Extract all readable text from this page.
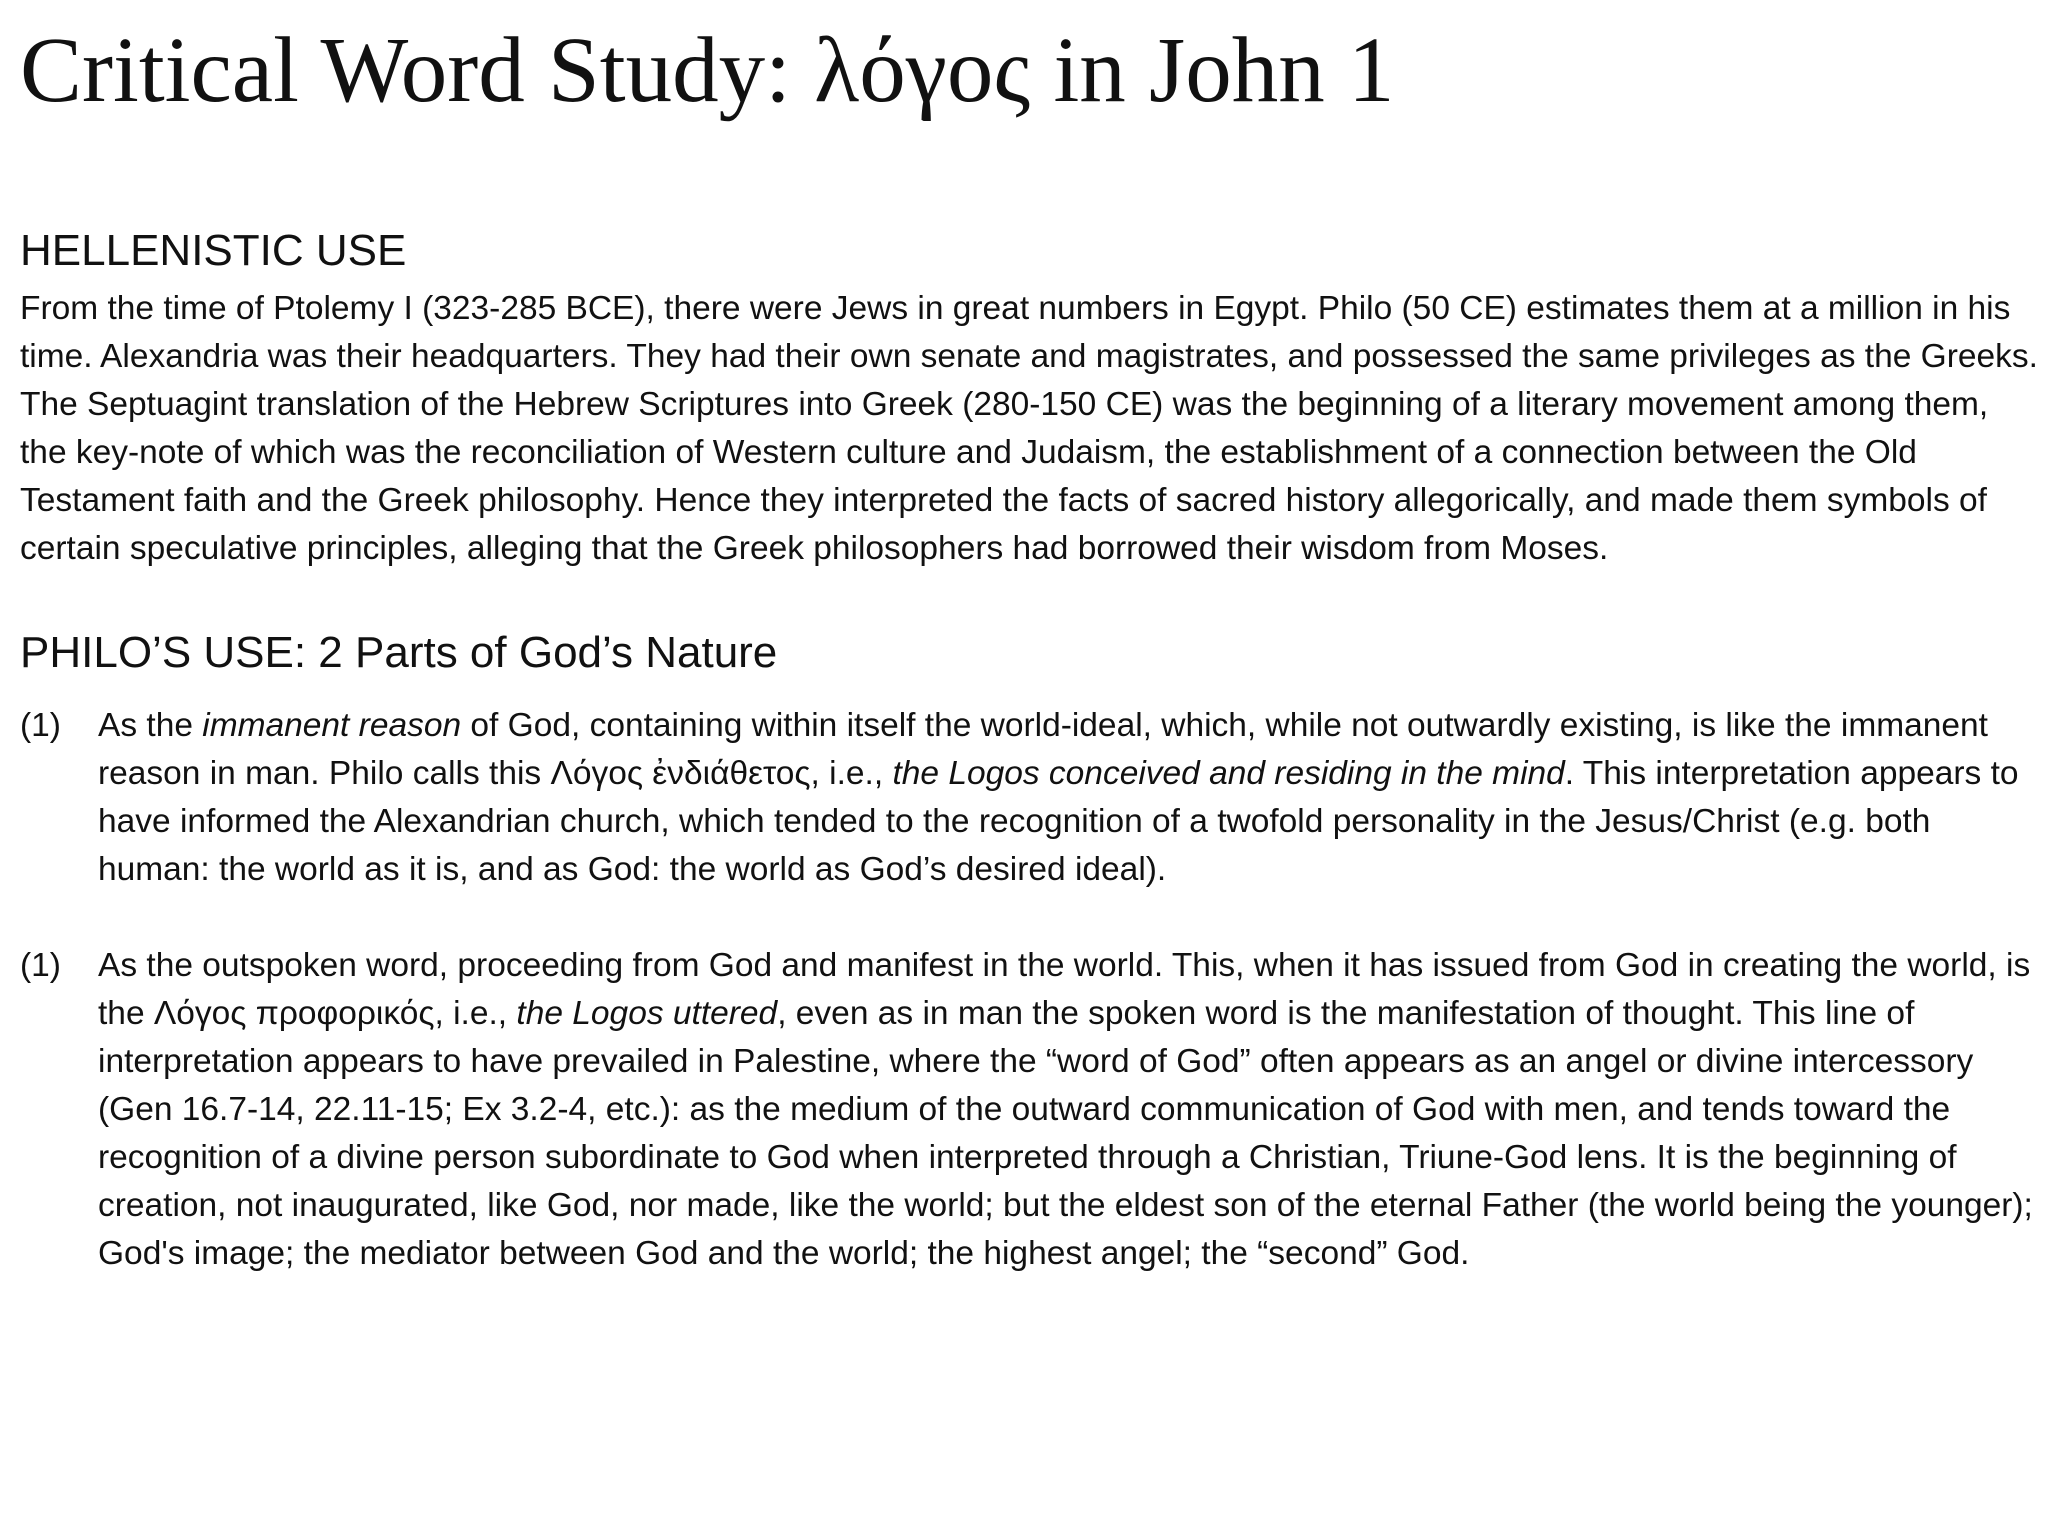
Critical Word Study: λόγος in John 1
HELLENISTIC USE

From the time of Ptolemy I (323-285 BCE), there were Jews in great numbers in Egypt. Philo (50 CE) estimates them at a million in his time. Alexandria was their headquarters. They had their own senate and magistrates, and possessed the same privileges as the Greeks. The Septuagint translation of the Hebrew Scriptures into Greek (280-150 CE) was the beginning of a literary movement among them, the key-note of which was the reconciliation of Western culture and Judaism, the establishment of a connection between the Old Testament faith and the Greek philosophy. Hence they interpreted the facts of sacred history allegorically, and made them symbols of certain speculative principles, alleging that the Greek philosophers had borrowed their wisdom from Moses.

PHILO’S USE: 2 Parts of God’s Nature
(1)	As the immanent reason of God, containing within itself the world-ideal, which, while not outwardly existing, is like the immanent reason in man. Philo calls this Λόγος ἐνδιάθετος, i.e., the Logos conceived and residing in the mind. This interpretation appears to have informed the Alexandrian church, which tended to the recognition of a twofold personality in the Jesus/Christ (e.g. both human: the world as it is, and as God: the world as God’s desired ideal).
(1)	As the outspoken word, proceeding from God and manifest in the world. This, when it has issued from God in creating the world, is the Λόγος προφορικός, i.e., the Logos uttered, even as in man the spoken word is the manifestation of thought. This line of interpretation appears to have prevailed in Palestine, where the “word of God” often appears as an angel or divine intercessory (Gen 16.7-14, 22.11-15; Ex 3.2-4, etc.): as the medium of the outward communication of God with men, and tends toward the recognition of a divine person subordinate to God when interpreted through a Christian, Triune-God lens. It is the beginning of creation, not inaugurated, like God, nor made, like the world; but the eldest son of the eternal Father (the world being the younger); God's image; the mediator between God and the world; the highest angel; the “second” God.
